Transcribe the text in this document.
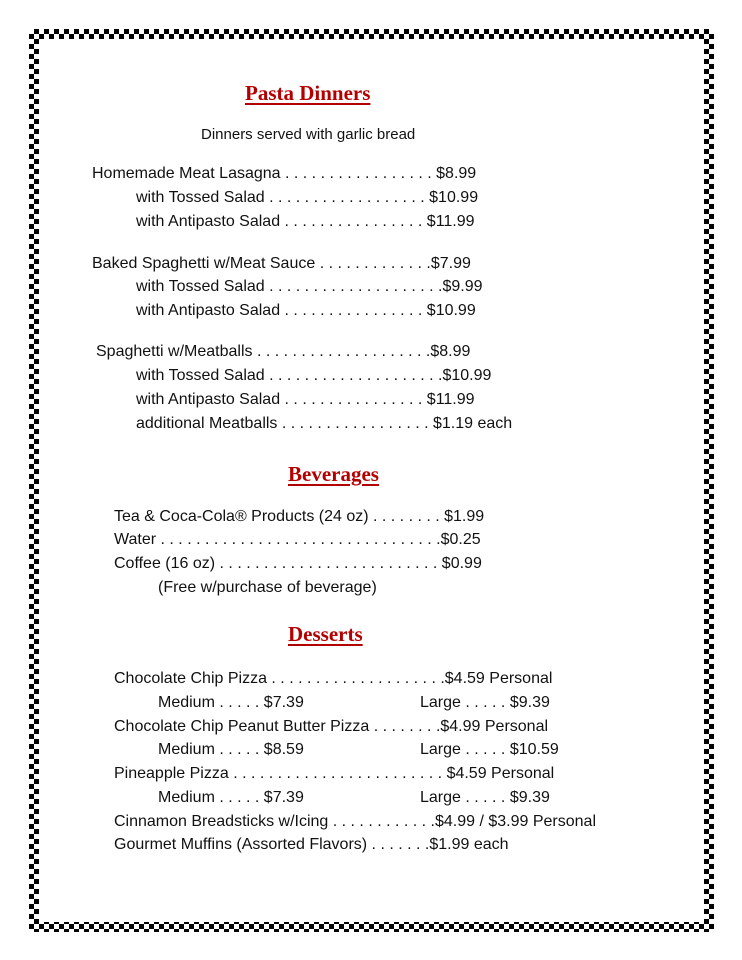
Pasta Dinners
Dinners served with garlic bread
Homemade Meat Lasagna . . . . . . . . . . . . . . . . . $8.99
with Tossed Salad . . . . . . . . . . . . . . . . . . $10.99
with Antipasto Salad . . . . . . . . . . . . . . . . $11.99
Baked Spaghetti w/Meat Sauce . . . . . . . . . . . . .$7.99
with Tossed Salad . . . . . . . . . . . . . . . . . . . .$9.99
with Antipasto Salad . . . . . . . . . . . . . . . . $10.99
Spaghetti w/Meatballs . . . . . . . . . . . . . . . . . . . .$8.99
with Tossed Salad . . . . . . . . . . . . . . . . . . . .$10.99
with Antipasto Salad . . . . . . . . . . . . . . . . $11.99
additional Meatballs . . . . . . . . . . . . . . . . . $1.19 each
Beverages
Tea & Coca-Cola® Products (24 oz) . . . . . . . . $1.99
Water . . . . . . . . . . . . . . . . . . . . . . . . . . . . . . . .$0.25
Coffee (16 oz) . . . . . . . . . . . . . . . . . . . . . . . . . $0.99
(Free w/purchase of beverage)
Desserts
Chocolate Chip Pizza . . . . . . . . . . . . . . . . . . . .$4.59 Personal
Medium . . . . . $7.39	Large . . . . . $9.39
Chocolate Chip Peanut Butter Pizza . . . . . . . .$4.99 Personal
Medium . . . . . $8.59	Large . . . . . $10.59
Pineapple Pizza . . . . . . . . . . . . . . . . . . . . . . . . $4.59 Personal
Medium . . . . . $7.39	Large . . . . . $9.39
Cinnamon Breadsticks w/Icing . . . . . . . . . . . .$4.99 / $3.99 Personal
Gourmet Muffins (Assorted Flavors) . . . . . . .$1.99 each
